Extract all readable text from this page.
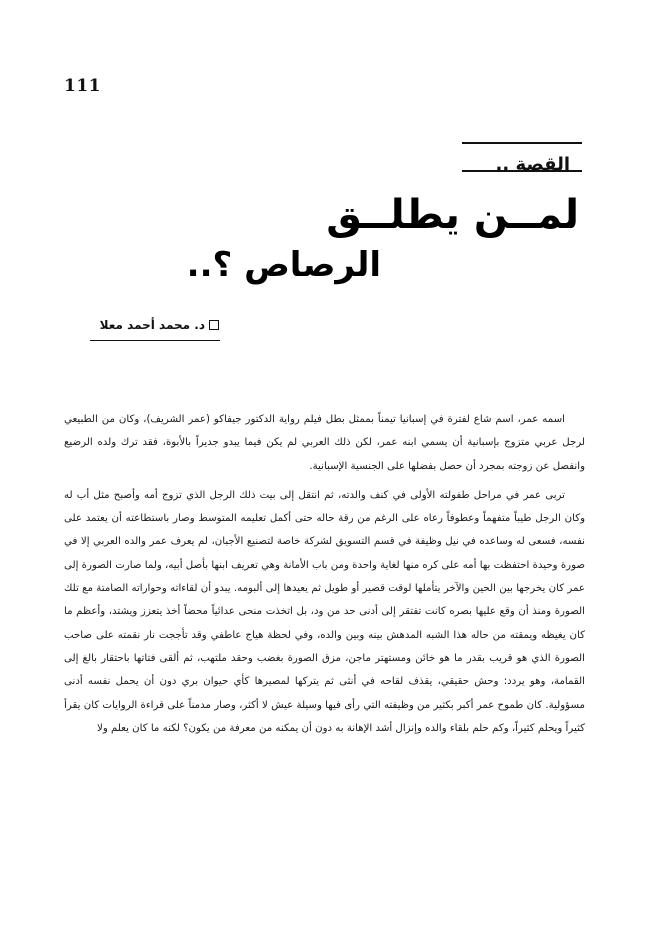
111
القصة ..
لمــن يطلــق
الرصاص ؟..
د. محمد أحمد معلا

اسمه عمر، اسم شاع لفترة في إسبانيا تيمناً بممثل بطل فيلم رواية الدكتور جيفاكو (عمر الشريف)، وكان من الطبيعي لرجل عربي متزوج بإسبانية أن يسمي ابنه عمر، لكن ذلك العربي لم يكن فيما يبدو جديراً بالأبوة، فقد ترك ولده الرضيع وانفصل عن زوجته بمجرد أن حصل بفضلها على الجنسية الإسبانية.

تربى عمر في مراحل طفولته الأولى في كنف والدته، ثم انتقل إلى بيت ذلك الرجل الذي تزوج أمه وأصبح مثل أب له وكان الرجل طيباً متفهماً وعطوفاً رعاه على الرغم من رقة حاله حتى أكمل تعليمه المتوسط وصار باستطاعته أن يعتمد على نفسه، فسعى له وساعده في نيل وظيفة في قسم التسويق لشركة خاصة لتصنيع الأجبان، لم يعرف عمر والده العربي إلا في صورة وحيدة احتفظت بها أمه على كره منها لغاية واحدة ومن باب الأمانة وهي تعريف ابنها بأصل أبيه، ولما صارت الصورة إلى عمر كان يخرجها بين الحين والآخر يتأملها لوقت قصير أو طويل ثم يعيدها إلى ألبومه. يبدو أن لقاءاته وحواراته الصامتة مع تلك الصورة ومنذ أن وقع عليها بصره كانت تفتقر إلى أدنى حد من ود، بل اتخذت منحى عدائياً محضاً أخذ يتعزز ويشتد، وأعظم ما كان يغيظه ويمقته من حاله هذا الشبه المدهش بينه وبين والده، وفي لحظة هياج عاطفي وقد تأججت نار نقمته على صاحب الصورة الذي هو قريب بقدر ما هو خائن ومستهتر ماجن، مزق الصورة بغضب وحقد ملتهب، ثم ألقى فتاتها باحتقار بالغ إلى القمامة، وهو يردد: وحش حقيقي، يقذف لقاحه في أنثى ثم يتركها لمصيرها كأي حيوان بري دون أن يحمل نفسه أدنى مسؤولية. كان طموح عمر أكبر بكثير من وظيفته التي رأى فيها وسيلة عيش لا أكثر، وصار مدمناً على قراءة الروايات كان يقرأ كثيراً ويحلم كثيراً، وكم حلم بلقاء والده وإنزال أشد الإهانة به دون أن يمكنه من معرفة من يكون؟ لكنه ما كان يعلم ولا
